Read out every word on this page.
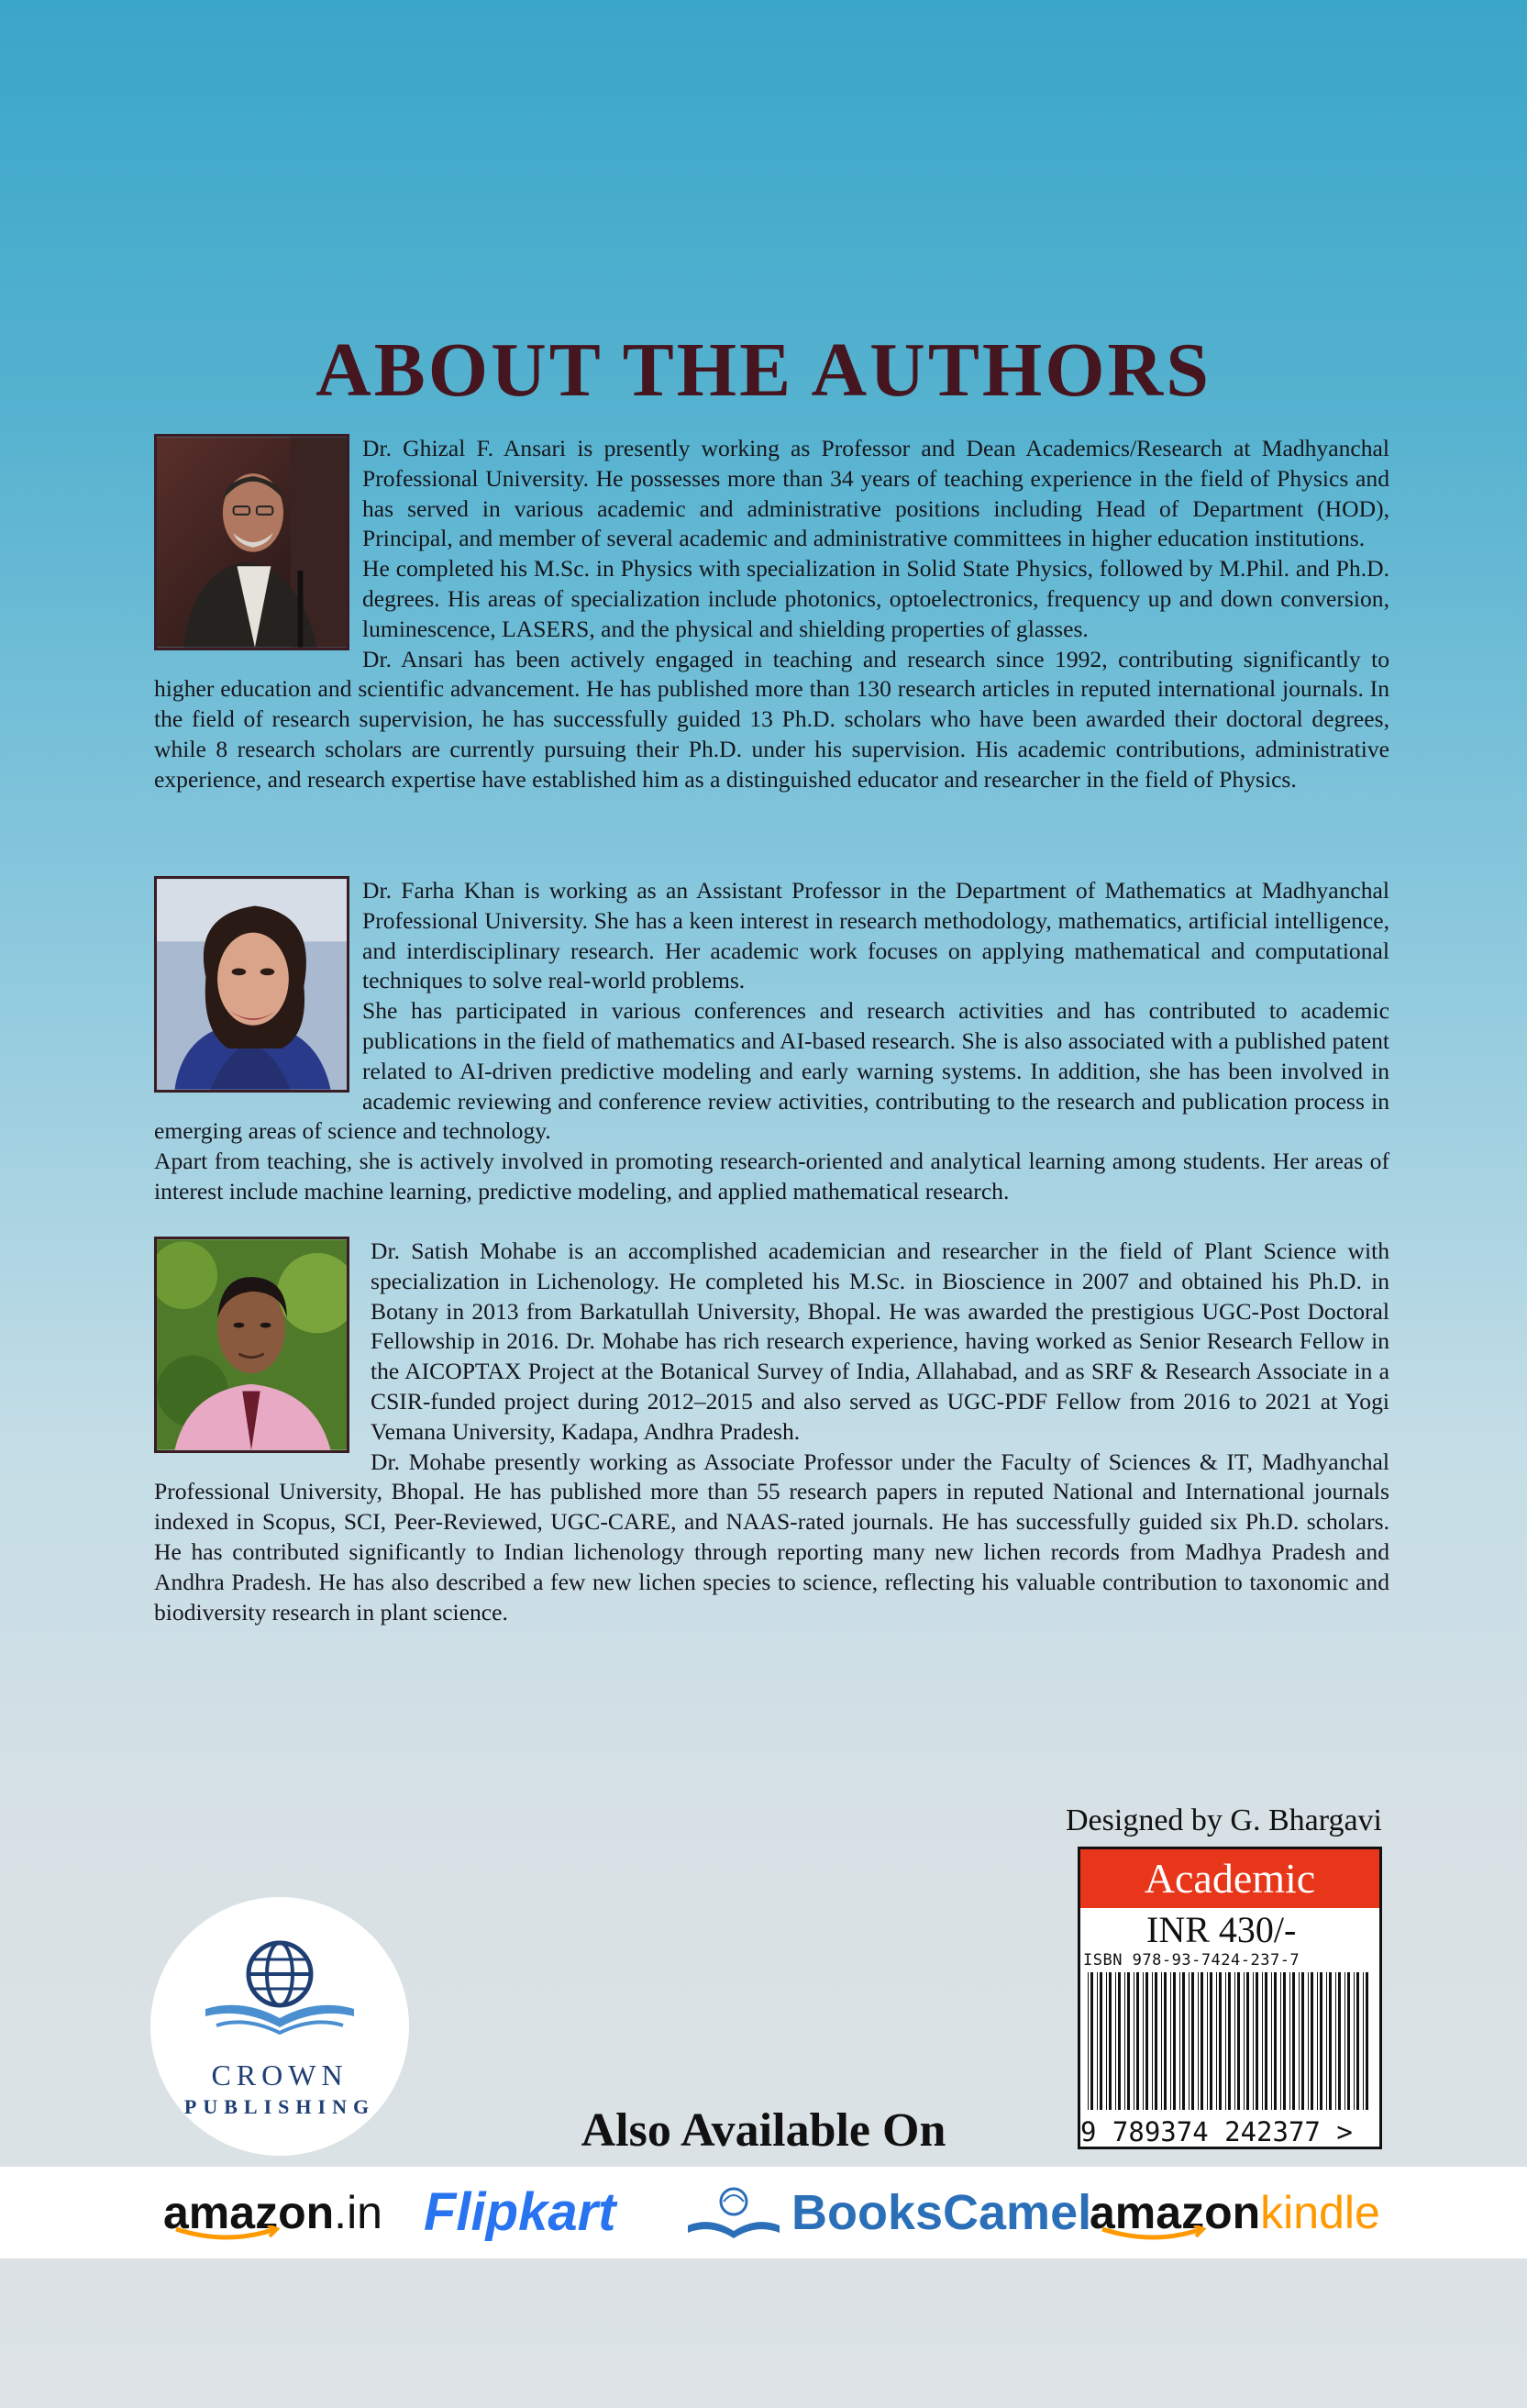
ABOUT THE AUTHORS

Dr. Ghizal F. Ansari is presently working as Professor and Dean Academics/Research at Madhyanchal Professional University. He possesses more than 34 years of teaching experience in the field of Physics and has served in various academic and administrative positions including Head of Department (HOD), Principal, and member of several academic and administrative committees in higher education institutions.

He completed his M.Sc. in Physics with specialization in Solid State Physics, followed by M.Phil. and Ph.D. degrees. His areas of specialization include photonics, optoelectronics, frequency up and down conversion, luminescence, LASERS, and the physical and shielding properties of glasses.

Dr. Ansari has been actively engaged in teaching and research since 1992, contributing significantly to higher education and scientific advancement. He has published more than 130 research articles in reputed international journals. In the field of research supervision, he has successfully guided 13 Ph.D. scholars who have been awarded their doctoral degrees, while 8 research scholars are currently pursuing their Ph.D. under his supervision. His academic contributions, administrative experience, and research expertise have established him as a distinguished educator and researcher in the field of Physics.

Dr. Farha Khan is working as an Assistant Professor in the Department of Mathematics at Madhyanchal Professional University. She has a keen interest in research methodology, mathematics, artificial intelligence, and interdisciplinary research. Her academic work focuses on applying mathematical and computational techniques to solve real-world problems.

She has participated in various conferences and research activities and has contributed to academic publications in the field of mathematics and AI-based research. She is also associated with a published patent related to AI-driven predictive modeling and early warning systems. In addition, she has been involved in academic reviewing and conference review activities, contributing to the research and publication process in emerging areas of science and technology.

Apart from teaching, she is actively involved in promoting research-oriented and analytical learning among students. Her areas of interest include machine learning, predictive modeling, and applied mathematical research.

Dr. Satish Mohabe is an accomplished academician and researcher in the field of Plant Science with specialization in Lichenology. He completed his M.Sc. in Bioscience in 2007 and obtained his Ph.D. in Botany in 2013 from Barkatullah University, Bhopal. He was awarded the prestigious UGC-Post Doctoral Fellowship in 2016. Dr. Mohabe has rich research experience, having worked as Senior Research Fellow in the AICOPTAX Project at the Botanical Survey of India, Allahabad, and as SRF & Research Associate in a CSIR-funded project during 2012–2015 and also served as UGC-PDF Fellow from 2016 to 2021 at Yogi Vemana University, Kadapa, Andhra Pradesh.

Dr. Mohabe presently working as Associate Professor under the Faculty of Sciences & IT, Madhyanchal Professional University, Bhopal. He has published more than 55 research papers in reputed National and International journals indexed in Scopus, SCI, Peer-Reviewed, UGC-CARE, and NAAS-rated journals. He has successfully guided six Ph.D. scholars. He has contributed significantly to Indian lichenology through reporting many new lichen records from Madhya Pradesh and Andhra Pradesh. He has also described a few new lichen species to science, reflecting his valuable contribution to taxonomic and biodiversity research in plant science.

Designed by G. Bhargavi
Academic
INR 430/-
ISBN 978-93-7424-237-7
9 789374 242377 >
CROWN
PUBLISHING	Also Available On
amazon.in Flipkart	BooksCamel
amazonkindle
